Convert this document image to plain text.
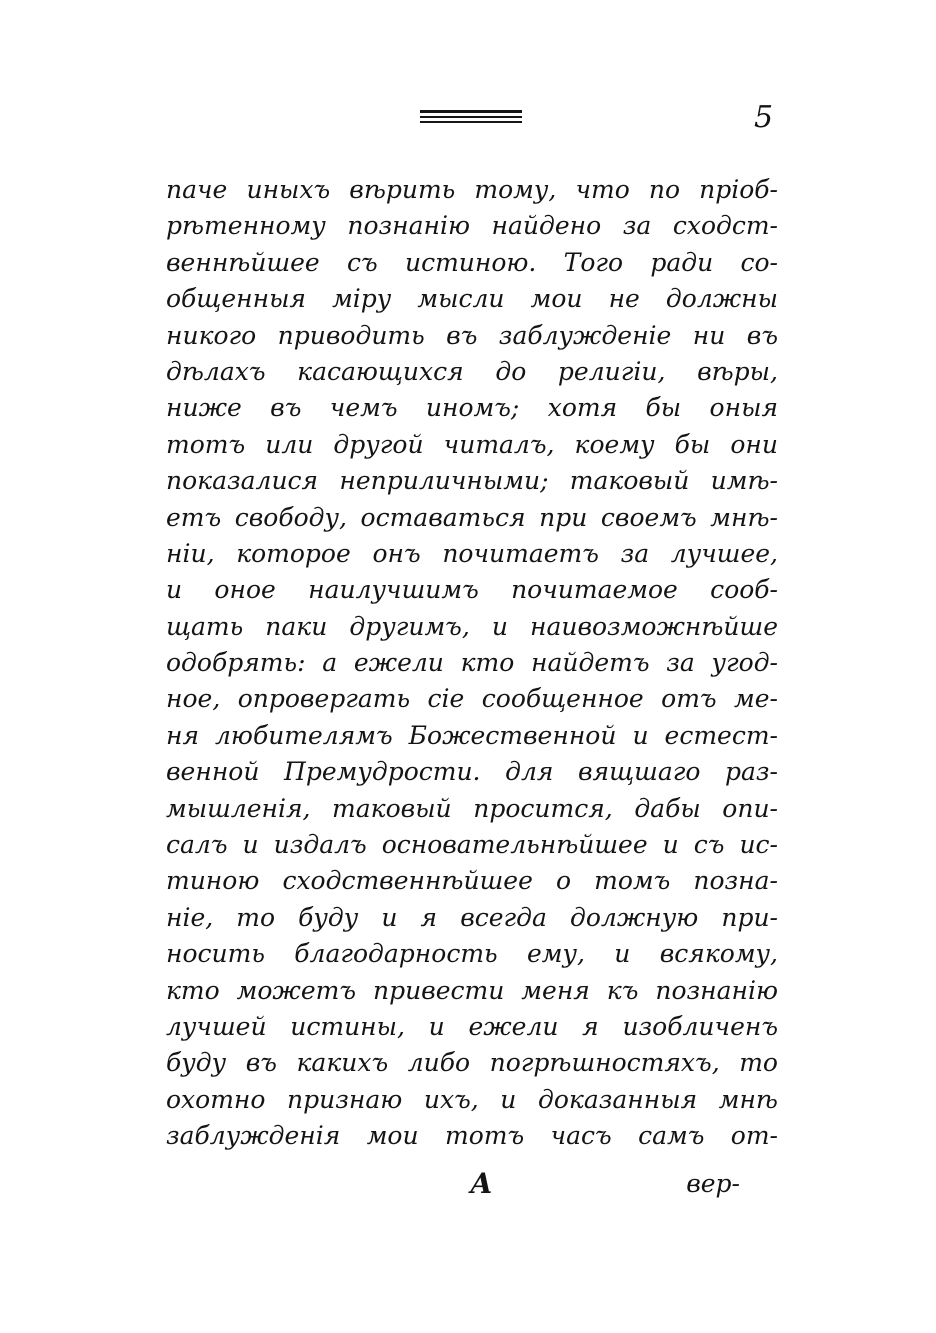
5
паче иныхъ вѣрить тому, что по пріоб-
рѣтенному познанію найдено за сходст-
веннѣйшее съ истиною. Того ради со-
общенныя міру мысли мои не должны
никого приводить въ заблужденіе ни въ
дѣлахъ касающихся до религіи, вѣры,
ниже въ чемъ иномъ; хотя бы оныя
тотъ или другой читалъ, коему бы они
показалися неприличными; таковый имѣ-
етъ свободу, оставаться при своемъ мнѣ-
ніи, которое онъ почитаетъ за лучшее,
и оное наилучшимъ почитаемое сооб-
щать паки другимъ, и наивозможнѣйше
одобрять: а ежели кто найдетъ за угод-
ное, опровергать сіе сообщенное отъ ме-
ня любителямъ Божественной и естест-
венной Премудрости. для вящшаго раз-
мышленія, таковый просится, дабы опи-
салъ и издалъ основательнѣйшее и съ ис-
тиною сходственнѣйшее о томъ позна-
ніе, то буду и я всегда должную при-
носить благодарность ему, и всякому,
кто можетъ привести меня къ познанію
лучшей истины, и ежели я изобличенъ
буду въ какихъ либо погрѣшностяхъ, то
охотно признаю ихъ, и доказанныя мнѣ
заблужденія мои тотъ часъ самъ от-
А	вер-
